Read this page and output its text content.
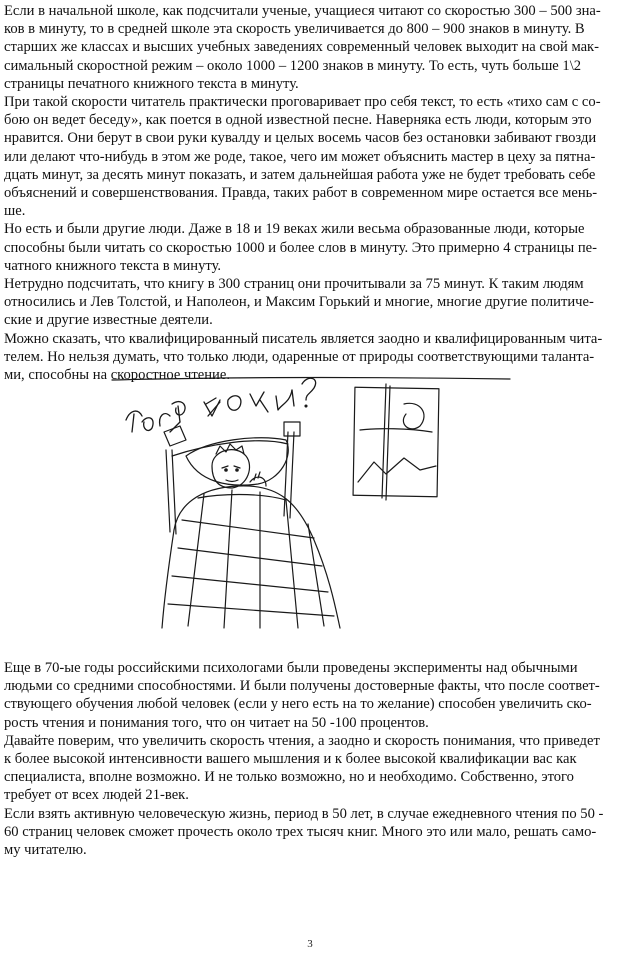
Если в начальной школе, как подсчитали ученые, учащиеся читают со скоростью 300 – 500 зна-
ков в минуту, то в средней школе эта скорость увеличивается до 800 – 900 знаков в минуту. В
старших же классах и высших учебных заведениях современный человек выходит на свой мак-
симальный скоростной режим – около 1000 – 1200 знаков в минуту. То есть, чуть больше 1\2
страницы печатного книжного текста в минуту.
При такой скорости читатель практически проговаривает про себя текст, то есть «тихо сам с со-
бою он ведет беседу», как поется в одной известной песне. Наверняка есть люди, которым это
нравится. Они берут в свои руки кувалду и целых восемь часов без остановки забивают гвозди
или делают что-нибудь в этом же роде, такое, чего им может объяснить мастер в цеху за пятна-
дцать минут, за десять минут показать, и затем дальнейшая работа уже не будет требовать себе
объяснений и совершенствования. Правда, таких работ в современном мире остается все мень-
ше.
Но есть и были другие люди. Даже в 18 и 19 веках жили весьма образованные люди, которые
способны были читать со скоростью 1000 и более слов в минуту. Это примерно 4 страницы пе-
чатного книжного текста в минуту.
Нетрудно подсчитать, что книгу в 300 страниц они прочитывали за 75 минут. К таким людям
относились и Лев Толстой, и Наполеон, и Максим Горький и многие, многие другие политиче-
ские и другие известные деятели.
Можно сказать, что квалифицированный писатель является заодно и квалифицированным чита-
телем. Но нельзя думать, что только люди, одаренные от природы соответствующими таланта-
ми, способны на скоростное чтение.
Еще в 70-ые годы российскими психологами были проведены эксперименты над обычными
людьми со средними способностями. И были получены достоверные факты, что после соответ-
ствующего обучения любой человек (если у него есть на то желание) способен увеличить ско-
рость чтения и понимания того, что он читает на 50 -100 процентов.
Давайте поверим, что увеличить скорость чтения, а заодно и скорость понимания, что приведет
к более высокой интенсивности вашего мышления и к более высокой квалификации вас как
специалиста, вполне возможно. И не только возможно, но и необходимо. Собственно, этого
требует от всех людей 21-век.
Если взять активную человеческую жизнь, период в 50 лет, в случае ежедневного чтения по 50 -
60 страниц человек сможет прочесть около трех тысяч книг. Много это или мало, решать само-
му читателю.
3
